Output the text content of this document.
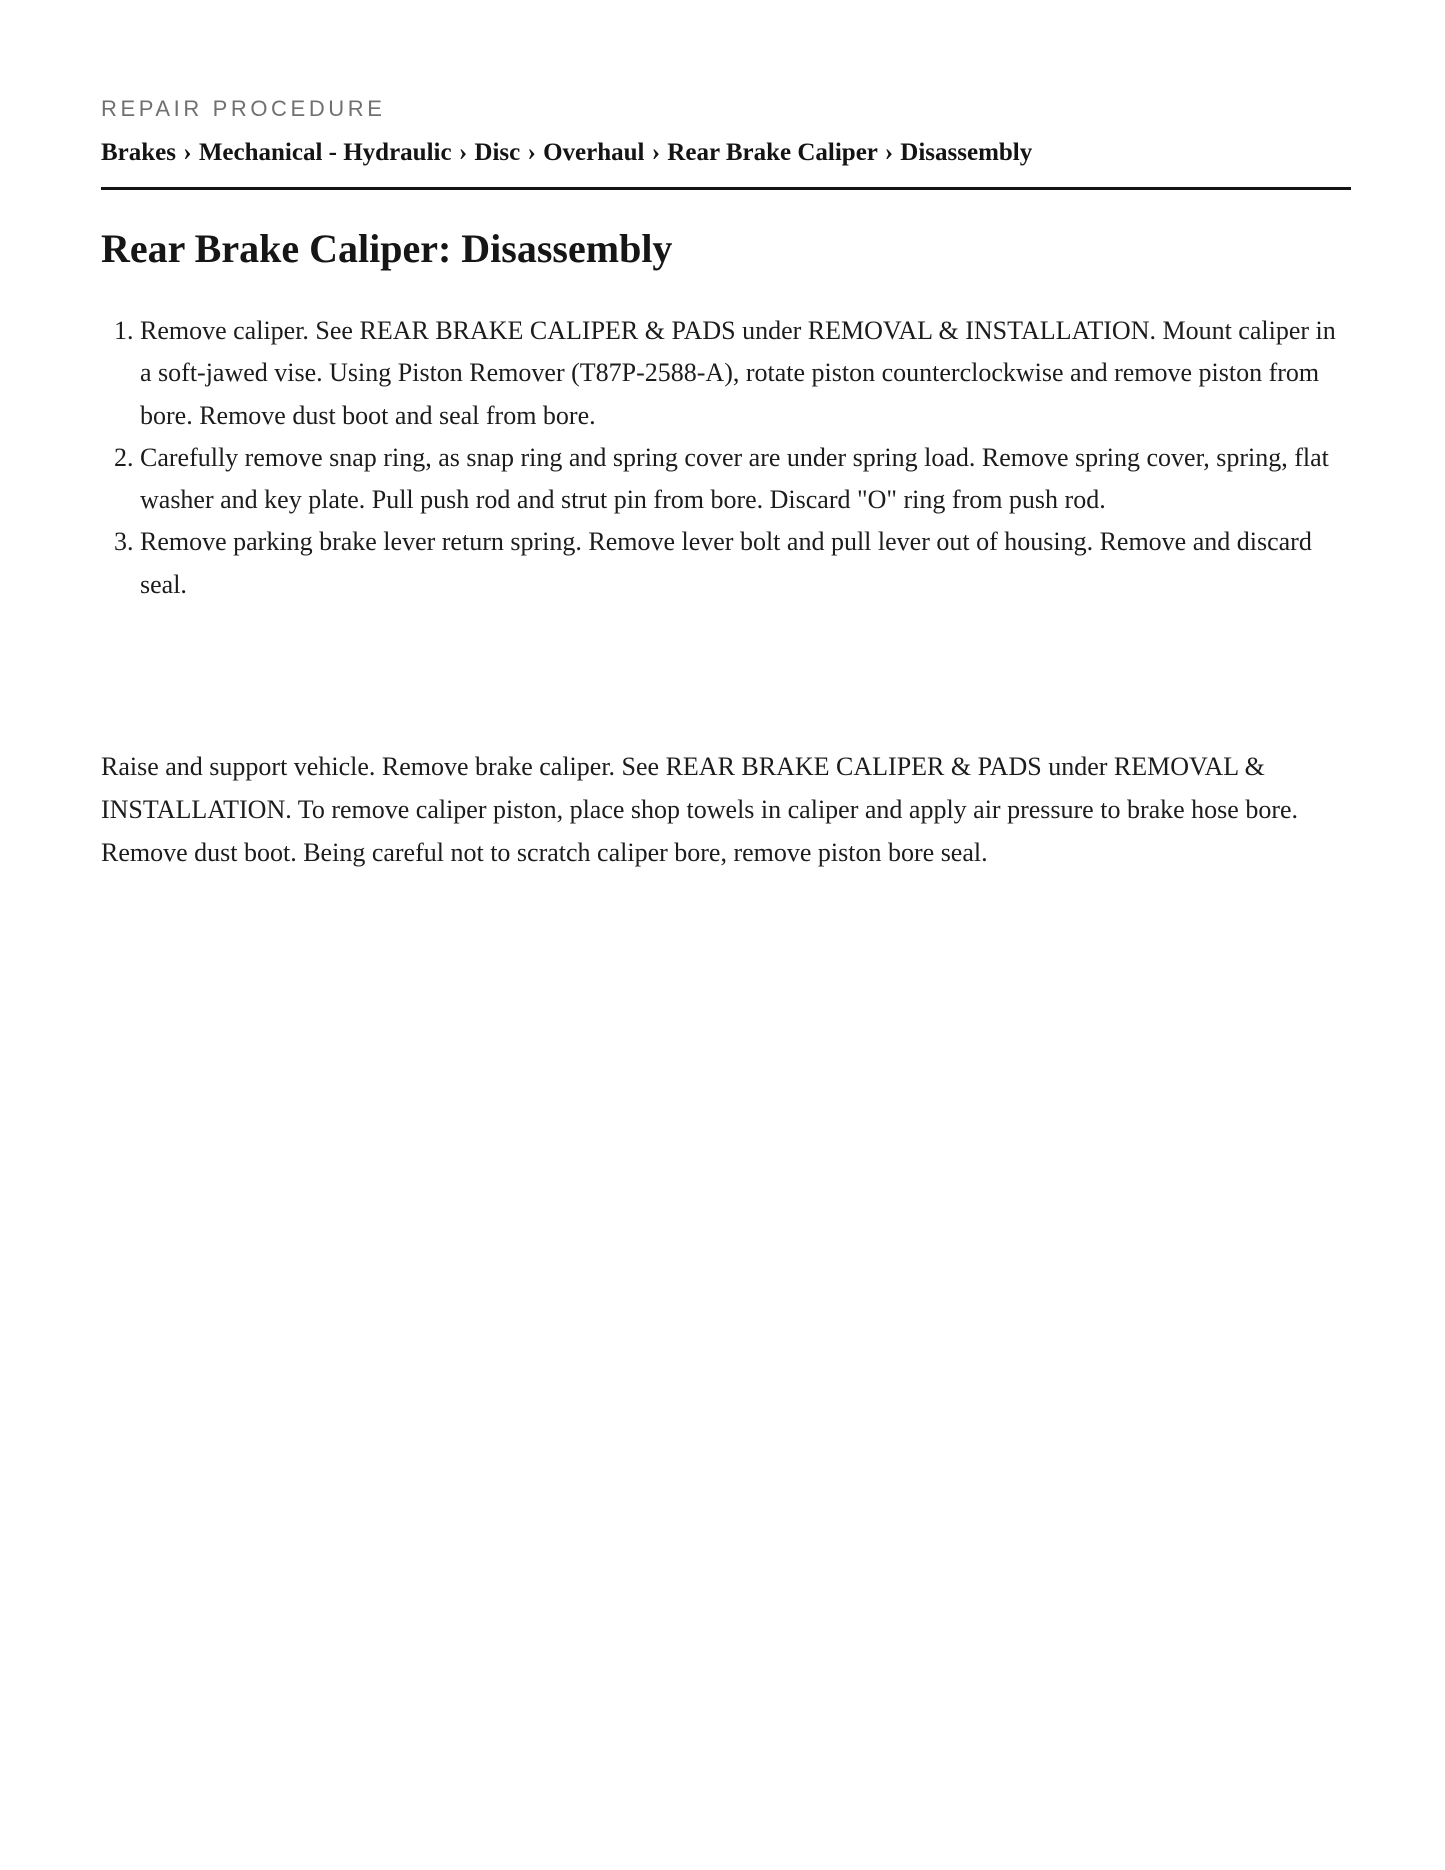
REPAIR PROCEDURE
Brakes › Mechanical - Hydraulic › Disc › Overhaul › Rear Brake Caliper › Disassembly
Rear Brake Caliper: Disassembly
1. Remove caliper. See REAR BRAKE CALIPER & PADS under REMOVAL & INSTALLATION. Mount caliper in a soft-jawed vise. Using Piston Remover (T87P-2588-A), rotate piston counterclockwise and remove piston from bore. Remove dust boot and seal from bore.
2. Carefully remove snap ring, as snap ring and spring cover are under spring load. Remove spring cover, spring, flat washer and key plate. Pull push rod and strut pin from bore. Discard "O" ring from push rod.
3. Remove parking brake lever return spring. Remove lever bolt and pull lever out of housing. Remove and discard seal.

Raise and support vehicle. Remove brake caliper. See REAR BRAKE CALIPER & PADS under REMOVAL & INSTALLATION. To remove caliper piston, place shop towels in caliper and apply air pressure to brake hose bore. Remove dust boot. Being careful not to scratch caliper bore, remove piston bore seal.
